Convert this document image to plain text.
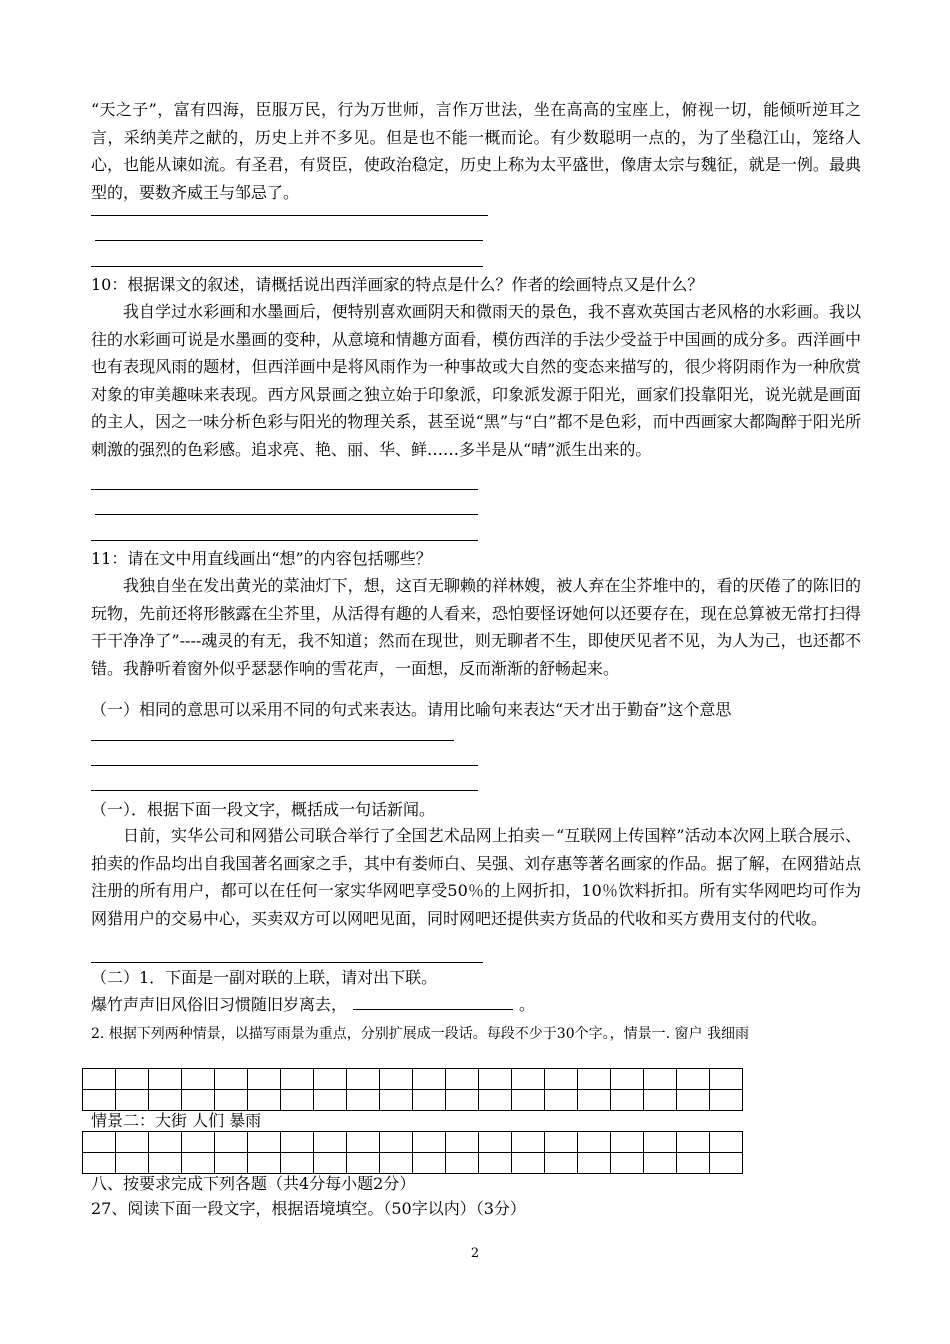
“天之子”，富有四海，臣服万民，行为万世师，言作万世法，坐在高高的宝座上，俯视一切，能倾听逆耳之言，采纳美芹之献的，历史上并不多见。但是也不能一概而论。有少数聪明一点的，为了坐稳江山，笼络人心，也能从谏如流。有圣君，有贤臣，使政治稳定，历史上称为太平盛世，像唐太宗与魏征，就是一例。最典型的，要数齐威王与邹忌了。

10：根据课文的叙述，请概括说出西洋画家的特点是什么？作者的绘画特点又是什么？

我自学过水彩画和水墨画后，便特别喜欢画阴天和微雨天的景色，我不喜欢英国古老风格的水彩画。我以往的水彩画可说是水墨画的变种，从意境和情趣方面看，模仿西洋的手法少受益于中国画的成分多。西洋画中也有表现风雨的题材，但西洋画中是将风雨作为一种事故或大自然的变态来描写的，很少将阴雨作为一种欣赏对象的审美趣味来表现。西方风景画之独立始于印象派，印象派发源于阳光，画家们投靠阳光，说光就是画面的主人，因之一味分析色彩与阳光的物理关系，甚至说“黑”与“白”都不是色彩，而中西画家大都陶醉于阳光所刺激的强烈的色彩感。追求亮、艳、丽、华、鲜……多半是从“晴”派生出来的。

11：请在文中用直线画出“想”的内容包括哪些？

我独自坐在发出黄光的菜油灯下，想，这百无聊赖的祥林嫂，被人弃在尘芥堆中的，看的厌倦了的陈旧的玩物，先前还将形骸露在尘芥里，从活得有趣的人看来，恐怕要怪讶她何以还要存在，现在总算被无常打扫得干干净净了”----魂灵的有无，我不知道；然而在现世，则无聊者不生，即使厌见者不见，为人为己，也还都不错。我静听着窗外似乎瑟瑟作响的雪花声，一面想，反而渐渐的舒畅起来。

（一）相同的意思可以采用不同的句式来表达。请用比喻句来表达“天才出于勤奋”这个意思

（一）．根据下面一段文字，概括成一句话新闻。

日前，实华公司和网猎公司联合举行了全国艺术品网上拍卖－“互联网上传国粹”活动本次网上联合展示、拍卖的作品均出自我国著名画家之手，其中有娄师白、吴强、刘存惠等著名画家的作品。据了解，在网猎站点注册的所有用户，都可以在任何一家实华网吧享受50％的上网折扣，10％饮料折扣。所有实华网吧均可作为网猎用户的交易中心，买卖双方可以网吧见面，同时网吧还提供卖方货品的代收和买方费用支付的代收。

（二）1．下面是一副对联的上联，请对出下联。
爆竹声声旧风俗旧习惯随旧岁离去，	。

2. 根据下列两种情景，以描写雨景为重点，分别扩展成一段话。每段不少于30个字。，情景一. 窗户 我细雨

情景二：大街 人们 暴雨

八、按要求完成下列各题（共4分每小题2分）
27、阅读下面一段文字，根据语境填空。（50字以内）（3分）
2
